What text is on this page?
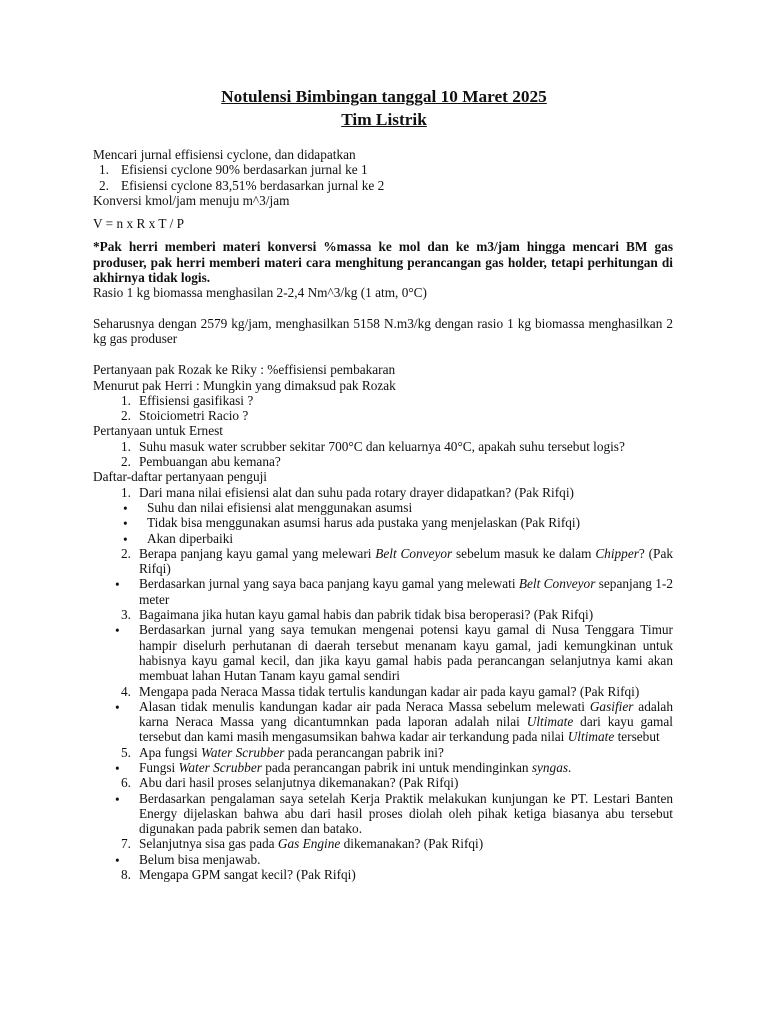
Notulensi Bimbingan tanggal 10 Maret 2025
Tim Listrik

Mencari jurnal effisiensi cyclone, dan didapatkan

1. Efisiensi cyclone 90% berdasarkan jurnal ke 1
2. Efisiensi cyclone 83,51% berdasarkan jurnal ke 2

Konversi kmol/jam menuju m^3/jam

V = n x R x T / P

*Pak herri memberi materi konversi %massa ke mol dan ke m3/jam hingga mencari BM gas produser, pak herri memberi materi cara menghitung perancangan gas holder, tetapi perhitungan di akhirnya tidak logis.

Rasio 1 kg biomassa menghasilan 2-2,4 Nm^3/kg (1 atm, 0°C)

Seharusnya dengan 2579 kg/jam, menghasilkan 5158 N.m3/kg dengan rasio 1 kg biomassa menghasilkan 2 kg gas produser

Pertanyaan pak Rozak ke Riky : %effisiensi pembakaran

Menurut pak Herri : Mungkin yang dimaksud pak Rozak

1. Effisiensi gasifikasi ?
2. Stoiciometri Racio ?

Pertanyaan untuk Ernest

1. Suhu masuk water scrubber sekitar 700°C dan keluarnya 40°C, apakah suhu tersebut logis?
2. Pembuangan abu kemana?

Daftar-daftar pertanyaan penguji

1. Dari mana nilai efisiensi alat dan suhu pada rotary drayer didapatkan? (Pak Rifqi)
• Suhu dan nilai efisiensi alat menggunakan asumsi
• Tidak bisa menggunakan asumsi harus ada pustaka yang menjelaskan (Pak Rifqi)
• Akan diperbaiki
2. Berapa panjang kayu gamal yang melewari Belt Conveyor sebelum masuk ke dalam Chipper? (Pak Rifqi)
• Berdasarkan jurnal yang saya baca panjang kayu gamal yang melewati Belt Conveyor sepanjang 1-2 meter
3. Bagaimana jika hutan kayu gamal habis dan pabrik tidak bisa beroperasi? (Pak Rifqi)
• Berdasarkan jurnal yang saya temukan mengenai potensi kayu gamal di Nusa Tenggara Timur hampir diselurh perhutanan di daerah tersebut menanam kayu gamal, jadi kemungkinan untuk habisnya kayu gamal kecil, dan jika kayu gamal habis pada perancangan selanjutnya kami akan membuat lahan Hutan Tanam kayu gamal sendiri
4. Mengapa pada Neraca Massa tidak tertulis kandungan kadar air pada kayu gamal? (Pak Rifqi)
• Alasan tidak menulis kandungan kadar air pada Neraca Massa sebelum melewati Gasifier adalah karna Neraca Massa yang dicantumnkan pada laporan adalah nilai Ultimate dari kayu gamal tersebut dan kami masih mengasumsikan bahwa kadar air terkandung pada nilai Ultimate tersebut
5. Apa fungsi Water Scrubber pada perancangan pabrik ini?
• Fungsi Water Scrubber pada perancangan pabrik ini untuk mendinginkan syngas.
6. Abu dari hasil proses selanjutnya dikemanakan? (Pak Rifqi)
• Berdasarkan pengalaman saya setelah Kerja Praktik melakukan kunjungan ke PT. Lestari Banten Energy dijelaskan bahwa abu dari hasil proses diolah oleh pihak ketiga biasanya abu tersebut digunakan pada pabrik semen dan batako.
7. Selanjutnya sisa gas pada Gas Engine dikemanakan? (Pak Rifqi)
• Belum bisa menjawab.
8. Mengapa GPM sangat kecil? (Pak Rifqi)
